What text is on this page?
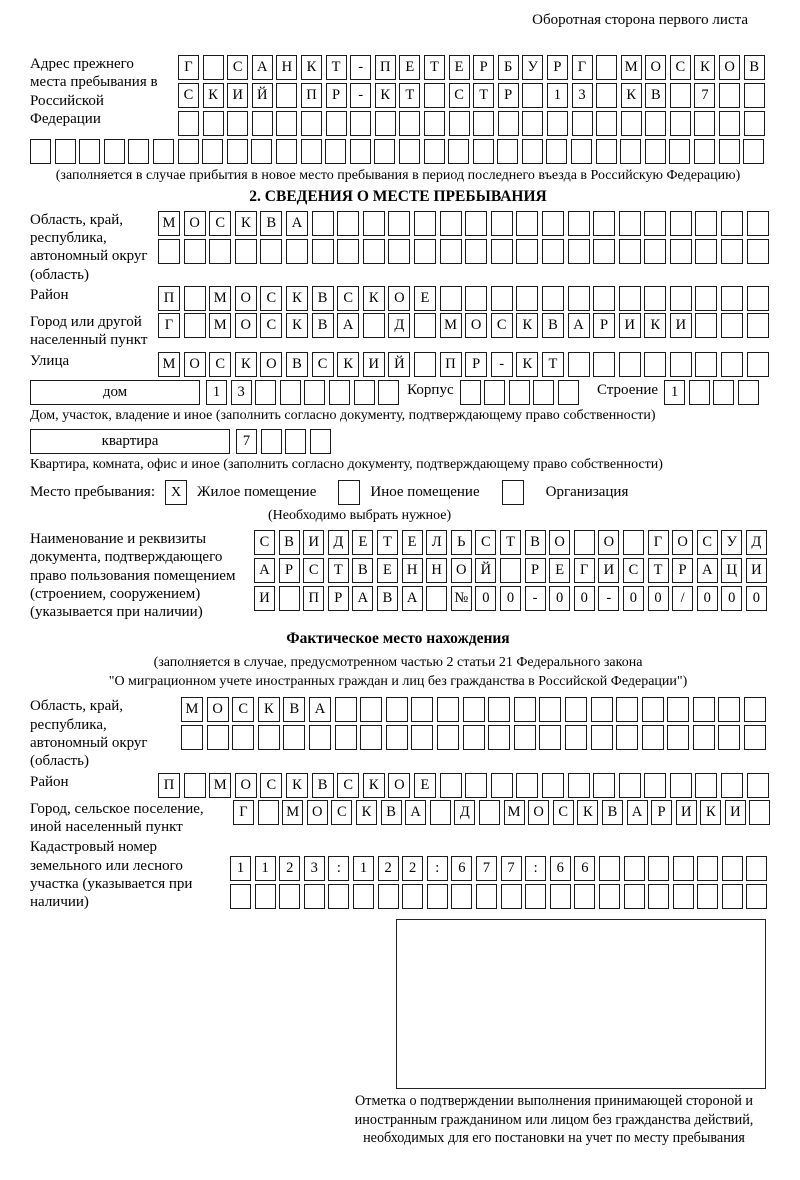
Оборотная сторона первого листа
Адрес прежнего места пребывания в Российской Федерации
Г	С	А Н	К	Т	-	П	Е	Т	Е	Р	Б	У	Р	Г	М О	С	К	О	В
С	К	И Й	П	Р	-	К	Т	С	Т	Р	1	3	К	В	7
(заполняется в случае прибытия в новое место пребывания в период последнего въезда в Российскую Федерацию)
2. СВЕДЕНИЯ О МЕСТЕ ПРЕБЫВАНИЯ
Область, край, республика, автономный округ (область)
М О	С	К	В	А
Район	П	М О	С	К	В	С	К	О	Е
Город или другой населенный пункт
Г	М О	С	К	В	А	Д	М О	С	К	В	А	Р	И	К	И
Улица	М О	С	К	О	В	С	К	И	Й	П	Р	-	К	Т
дом	1	3	Корпус	Строение 1
Дом, участок, владение и иное (заполнить согласно документу, подтверждающему право собственности)
квартира	7
Квартира, комната, офис и иное (заполнить согласно документу, подтверждающему право собственности)
Место пребывания:	X	Жилое помещение	Иное помещение	Организация
(Необходимо выбрать нужное)
Наименование и реквизиты документа, подтверждающего право пользования помещением (строением, сооружением) (указывается при наличии)
С	В	И Д	Е	Т	Е	Л	Ь	С	Т	В	О	О	Г	О	С	У	Д
А	Р	С	Т	В	Е	Н Н О Й	Р	Е	Г	И	С	Т	Р	А Ц И
И	П	Р	А	В	А	№ 0	0	-	0	0	-	0	0	/	0	0	0
Фактическое место нахождения
(заполняется в случае, предусмотренном частью 2 статьи 21 Федерального закона
"О миграционном учете иностранных граждан и лиц без гражданства в Российской Федерации")
Область, край, республика, автономный округ (область)
М О	С	К	В	А
Район	П	М О	С	К	В	С	К	О	Е
Город, сельское поселение, иной населенный пункт
Г	М О	С	К	В	А	Д	М О	С	К	В	А	Р	И	К	И
Кадастровый номер земельного или лесного участка (указывается при наличии)
1	1	2	3	:	1	2	2	:	6	7	7	:	6	6
Отметка о подтверждении выполнения принимающей стороной и иностранным гражданином или лицом без гражданства действий, необходимых для его постановки на учет по месту пребывания
